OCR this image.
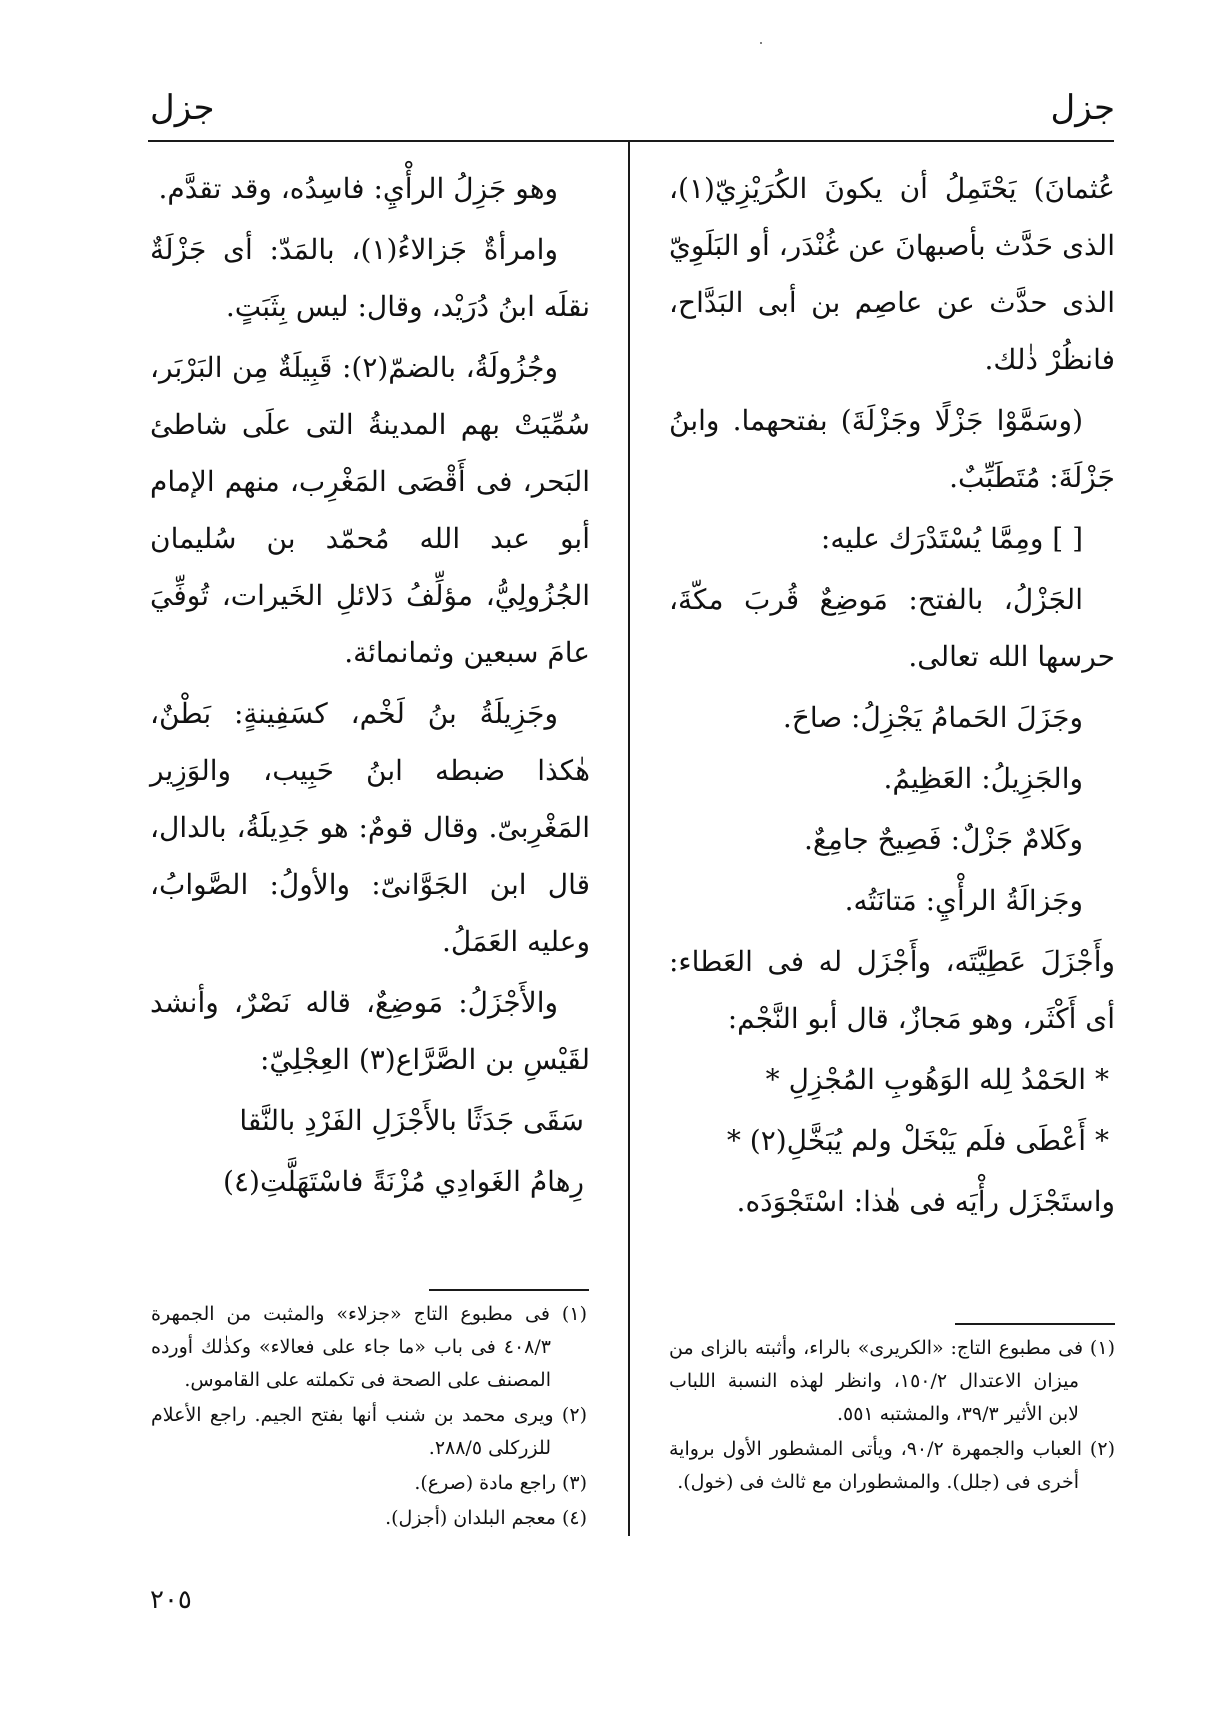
جزل
جزل

عُثمانَ) يَحْتَمِلُ أن يكونَ الكُرَيْزِيّ(١)، الذى حَدَّث بأصبهانَ عن غُنْدَر، أو البَلَوِيّ الذى حدَّث عن عاصِم بن أبى البَدَّاح، فانظُرْ ذٰلك.

(وسَمَّوْا جَزْلًا وجَزْلَةَ) بفتحهما. وابنُ جَزْلَةَ: مُتَطَبِّبٌ.

[ ] ومِمَّا يُسْتَدْرَك عليه:

الجَزْلُ، بالفتح: مَوضِعٌ قُربَ مكّةَ، حرسها الله تعالى.

وجَزَلَ الحَمامُ يَجْزِلُ: صاحَ.

والجَزِيلُ: العَظِيمُ.

وكَلامٌ جَزْلٌ: فَصِيحٌ جامِعٌ.

وجَزالَةُ الرأْيِ: مَتانَتُه.

وأَجْزَلَ عَطِيَّتَه، وأَجْزَل له فى العَطاء: أى أَكْثَر، وهو مَجازٌ، قال أبو النَّجْم:

* الحَمْدُ لِله الوَهُوبِ المُجْزِلِ *

* أَعْطَى فلَم يَبْخَلْ ولم يُبَخَّلِ(٢) *

واستَجْزَل رأْيَه فى هٰذا: اسْتَجْوَدَه.

وهو جَزِلُ الرأْيِ: فاسِدُه، وقد تقدَّم.

وامرأةٌ جَزالاءُ(١)، بالمَدّ: أى جَزْلَةٌ نقلَه ابنُ دُرَيْد، وقال: ليس بِثَبَتٍ.

وجُزُولَةُ، بالضمّ(٢): قَبِيلَةٌ مِن البَرْبَر، سُمِّيَتْ بهم المدينةُ التى علَى شاطئ البَحر، فى أَقْصَى المَغْرِب، منهم الإمام أبو عبد الله مُحمّد بن سُليمان الجُزُولِيُّ، مؤلِّفُ دَلائلِ الخَيرات، تُوفِّيَ عامَ سبعين وثمانمائة.

وجَزِيلَةُ بنُ لَخْم، كسَفِينةٍ: بَطْنٌ، هٰكذا ضبطه ابنُ حَبِيب، والوَزِير المَغْرِبىّ. وقال قومٌ: هو جَدِيلَةُ، بالدال، قال ابن الجَوَّانىّ: والأولُ: الصَّوابُ، وعليه العَمَلُ.

والأَجْزَلُ: مَوضِعٌ، قاله نَصْرٌ، وأنشد لقَيْسِ بن الصَّرَّاع(٣) العِجْلِيّ:

سَقَى جَدَثًا بالأَجْزَلِ الفَرْدِ بالنَّقا

رِهامُ الغَوادِي مُزْنَةً فاسْتَهَلَّتِ(٤)

(١) فى مطبوع التاج: «الكريرى» بالراء، وأثبته بالزاى من ميزان الاعتدال ١٥٠/٢، وانظر لهذه النسبة اللباب لابن الأثير ٣٩/٣، والمشتبه ٥٥١.

(٢) العباب والجمهرة ٩٠/٢، ويأتى المشطور الأول برواية أخرى فى (جلل). والمشطوران مع ثالث فى (خول).

(١) فى مطبوع التاج «جزلاء» والمثبت من الجمهرة ٤٠٨/٣ فى باب «ما جاء على فعالاء» وكذٰلك أورده المصنف على الصحة فى تكملته على القاموس.

(٢) ويرى محمد بن شنب أنها بفتح الجيم. راجع الأعلام للزركلى ٢٨٨/٥.

(٣) راجع مادة (صرع).

(٤) معجم البلدان (أجزل).

٢٠٥
